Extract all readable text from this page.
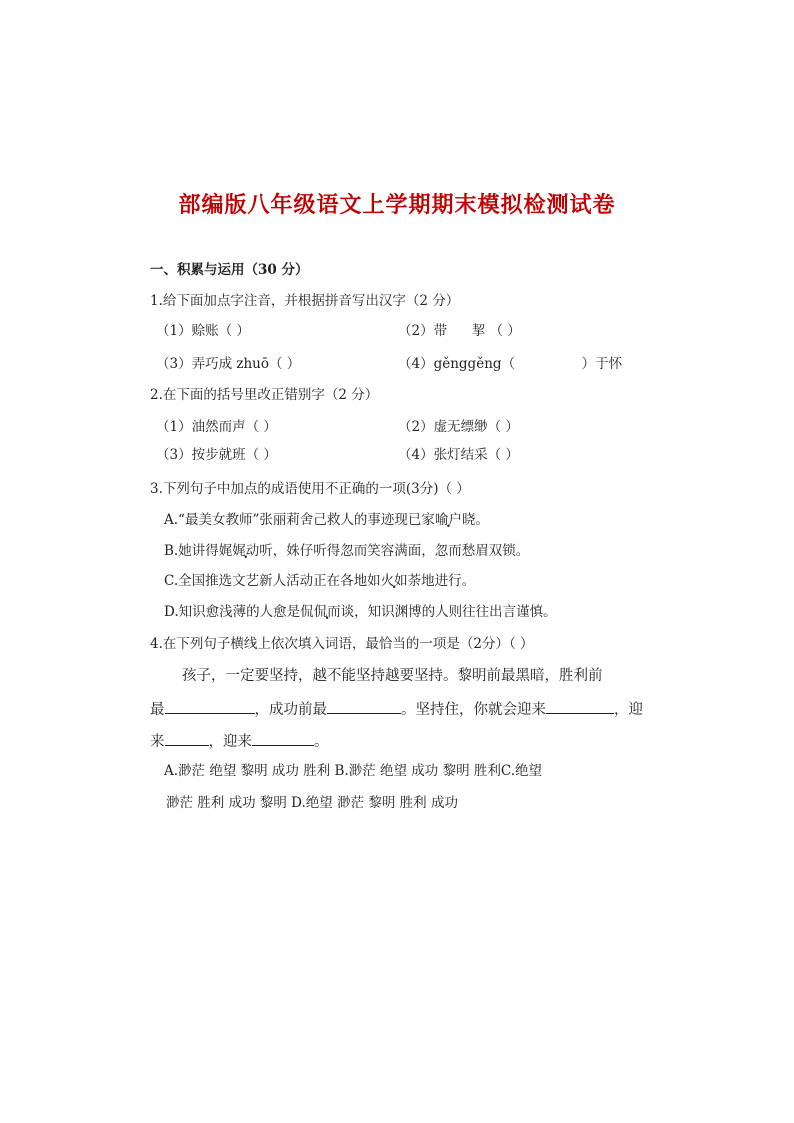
部编版八年级语文上学期期末模拟检测试卷
一、积累与运用（30 分）
1.给下面加点字注音，并根据拼音写出汉字（2 分）
（1）赊账（ ）	（2）带 挈 （ ）
（3）弄巧成 zhuō（ ）	（4）gěnggěng（	）于怀
2.在下面的括号里改正错别字（2 分）
（1）油然而声（ ）	（2）虚无缥缈（ ）
（3）按步就班（ ）	（4）张灯结采（ ）
3.下列句子中加点的成语使用不正确的一项(3分)（ ）
A.“最美女教师”张丽莉舍己救人的事迹现已家喻户晓。
B.她讲得娓娓动听，姝仔听得忽而笑容满面，忽而愁眉双锁。
C.全国推选文艺新人活动正在各地如火如荼地进行。
D.知识愈浅薄的人愈是侃侃而谈，知识渊博的人则往往出言谨慎。
4.在下列句子横线上依次填入词语，最恰当的一项是（2分）（ ）
孩子，一定要坚持，越不能坚持越要坚持。黎明前最黑暗，胜利前
最	，成功前最	。坚持住，你就会迎来	，迎
来	，迎来	。
A.渺茫 绝望 黎明 成功 胜利 B.渺茫 绝望 成功 黎明 胜利C.绝望
渺茫 胜利 成功 黎明 D.绝望 渺茫 黎明 胜利 成功
